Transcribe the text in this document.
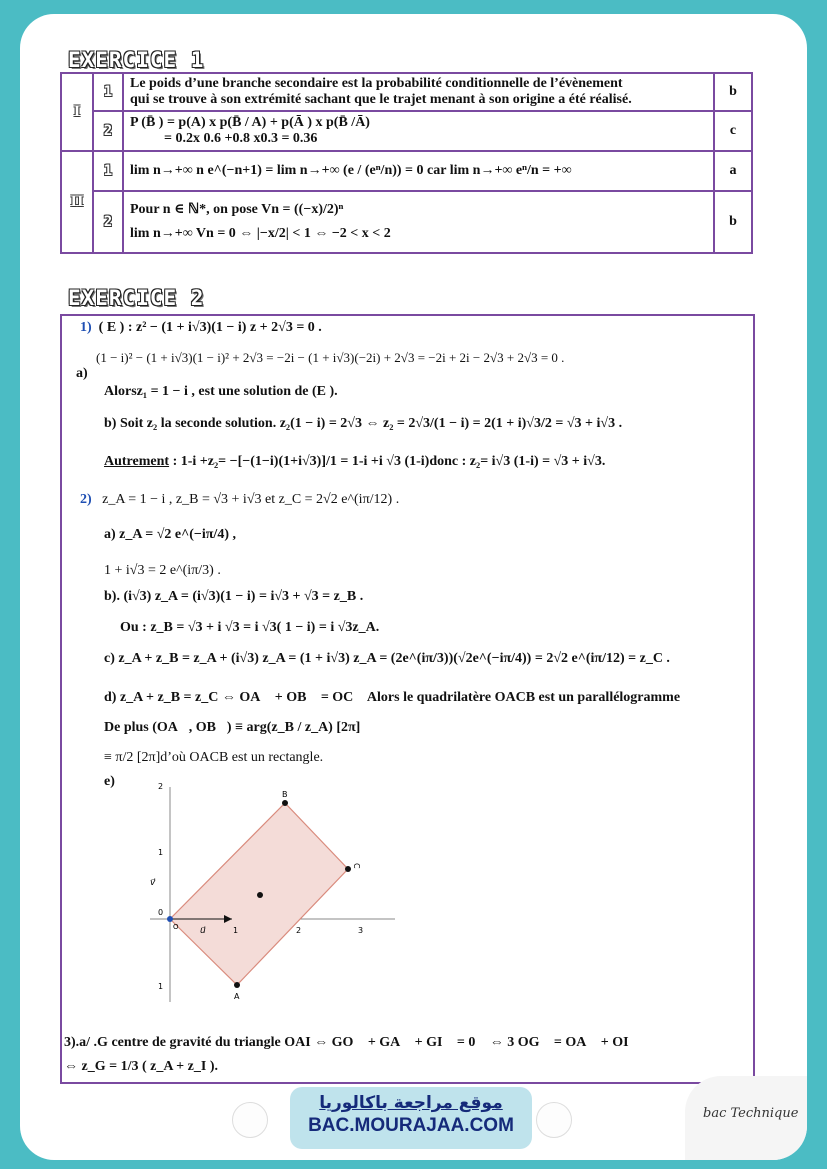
EXERCICE 1
I	1	Le poids d’une branche secondaire est la probabilité conditionnelle de l’évènement
qui se trouve à son extrémité sachant que le trajet menant à son origine a été réalisé.	b
	2	P (B̄ ) = p(A) x p(B̄ / A) + p(Ā ) x p(B̄ /Ā)
= 0.2x 0.6 +0.8 x0.3 = 0.36	c
II	1	lim n→+∞ n e^(−n+1) = lim n→+∞ (e / (eⁿ/n)) = 0 car lim n→+∞ eⁿ/n = +∞	a
	2	Pour n ∈ ℕ*, on pose Vn = ((−x)/2)ⁿ
lim n→+∞ Vn = 0 ⇔ |−x/2| < 1 ⇔ −2 < x < 2	b
EXERCICE 2
1) ( E ) : z² − (1 + i√3)(1 − i) z + 2√3 = 0 .
a)
(1 − i)² − (1 + i√3)(1 − i)² + 2√3 = −2i − (1 + i√3)(−2i) + 2√3 = −2i + 2i − 2√3 + 2√3 = 0 .
Alorsz₁ = 1 − i , est une solution de (E ).
b) Soit z₂ la seconde solution. z₂(1 − i) = 2√3 ⇔ z₂ = 2√3/(1 − i) = 2(1 + i)√3/2 = √3 + i√3 .
Autrement : 1-i +z₂= −[−(1−i)(1+i√3)]/1 = 1-i +i √3 (1-i)donc : z₂= i√3 (1-i) = √3 + i√3.
2) z_A = 1 − i , z_B = √3 + i√3 et z_C = 2√2 e^(iπ/12) .
a) z_A = √2 e^(−iπ/4) ,
1 + i√3 = 2 e^(iπ/3) .
b). (i√3) z_A = (i√3)(1 − i) = i√3 + √3 = z_B .
Ou : z_B = √3 + i √3 = i √3( 1 − i) = i √3z_A.
c) z_A + z_B = z_A + (i√3) z_A = (1 + i√3) z_A = (2e^(iπ/3))(√2e^(−iπ/4)) = 2√2 e^(iπ/12) = z_C .
d) z_A + z_B = z_C ⇔ OA⃗ + OB⃗ = OC⃗ Alors le quadrilatère OACB est un parallélogramme
De plus (OA⃗, OB⃗) ≡ arg(z_B / z_A) [2π]
≡ π/2 [2π]d’où OACB est un rectangle.
e)	2
1
0
1
1	2	3
B
C
A
u⃗
v⃗
O
3).a/ .G centre de gravité du triangle OAI ⇔ GO⃗ + GA⃗ + GI⃗ = 0⃗ ⇔ 3 OG⃗ = OA⃗ + OI⃗
⇔ z_G = 1/3 ( z_A + z_I ).
موقع مراجعة باكالوريا
BAC.MOURAJAA.COM
bac Technique
